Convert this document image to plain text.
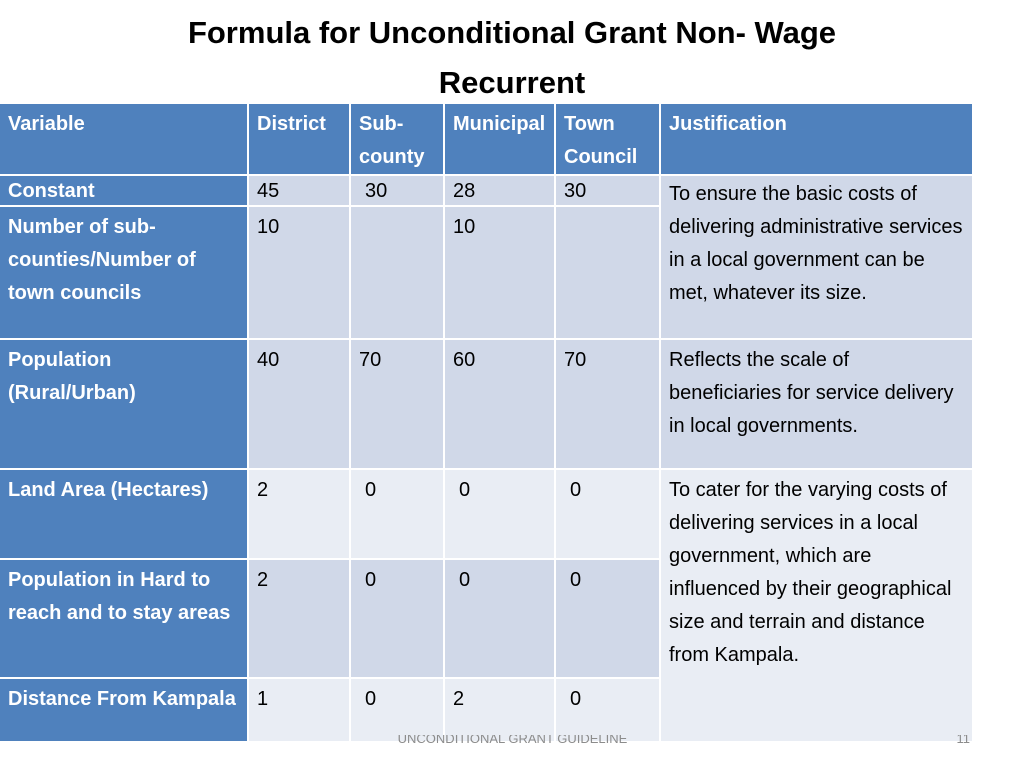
Formula for Unconditional Grant Non- Wage
Recurrent
Variable	District	Sub-county	Municipal	Town Council	Justification
Constant	45	30	28	30	To ensure the basic costs of delivering administrative services in a local government can be met, whatever its size.
Number of sub-counties/Number of town councils	10		10		
Population (Rural/Urban)	40	70	60	70	Reflects the scale of beneficiaries for service delivery in local governments.
Land Area (Hectares)	2	0	0	0	To cater for the varying costs of delivering services in a local government, which are influenced by their geographical size and terrain and distance from Kampala.
Population in Hard to reach and to stay areas	2	0	0	0	
Distance From Kampala	1	0	2	0	
UNCONDITIONAL GRANT GUIDELINE	11
